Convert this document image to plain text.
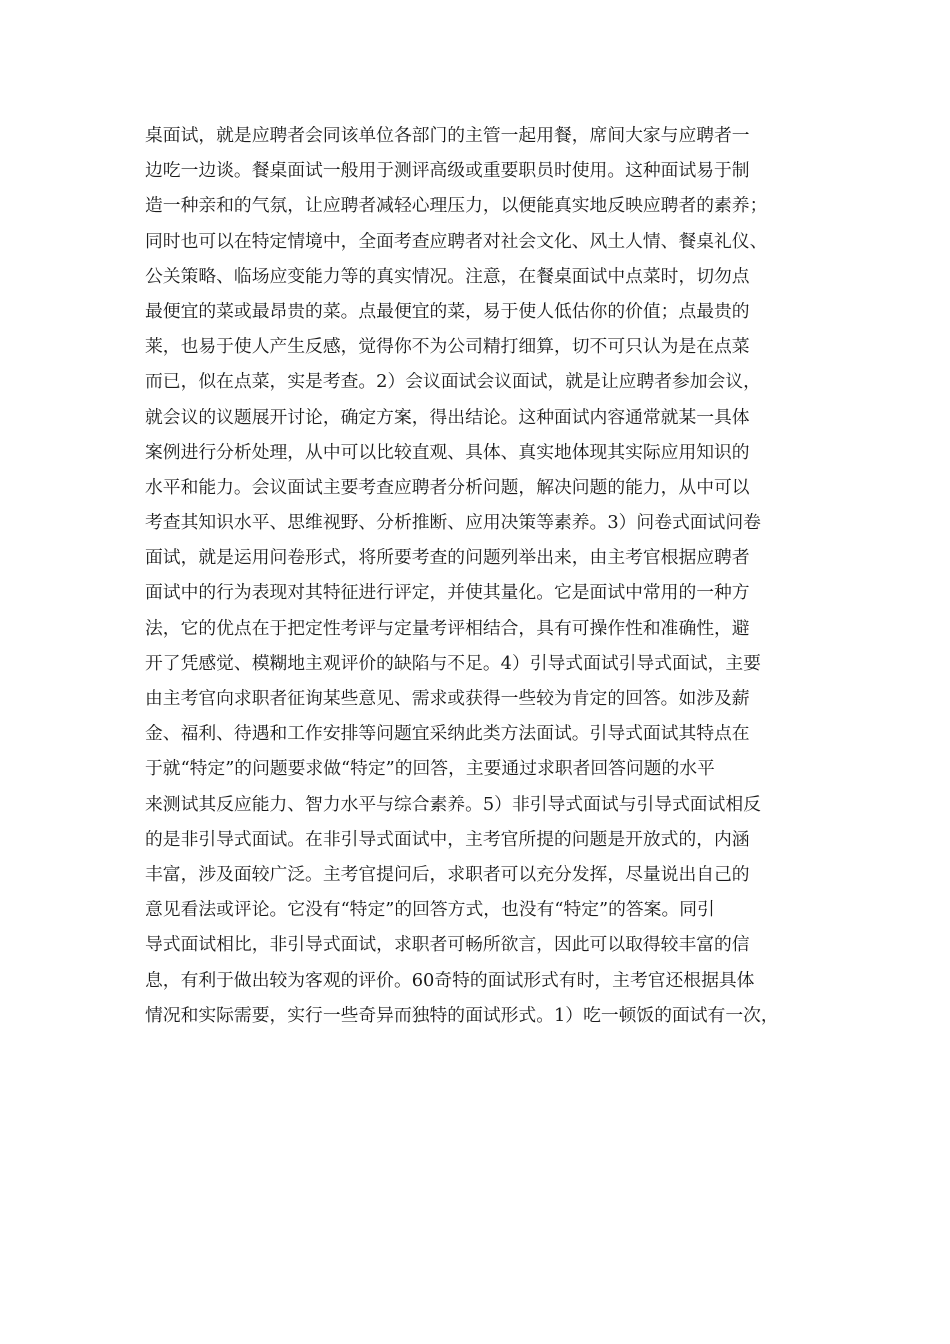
桌面试，就是应聘者会同该单位各部门的主管一起用餐，席间大家与应聘者一
边吃一边谈。餐桌面试一般用于测评高级或重要职员时使用。这种面试易于制
造一种亲和的气氛，让应聘者减轻心理压力，以便能真实地反映应聘者的素养；
同时也可以在特定情境中，全面考查应聘者对社会文化、风土人情、餐桌礼仪、
公关策略、临场应变能力等的真实情况。注意，在餐桌面试中点菜时，切勿点
最便宜的菜或最昂贵的菜。点最便宜的菜，易于使人低估你的价值；点最贵的
莱，也易于使人产生反感，觉得你不为公司精打细算，切不可只认为是在点菜
而已，似在点菜，实是考查。2）会议面试会议面试，就是让应聘者参加会议，
就会议的议题展开讨论，确定方案，得出结论。这种面试内容通常就某一具体
案例进行分析处理，从中可以比较直观、具体、真实地体现其实际应用知识的
水平和能力。会议面试主要考查应聘者分析问题，解决问题的能力，从中可以
考查其知识水平、思维视野、分析推断、应用决策等素养。3）问卷式面试问卷
面试，就是运用问卷形式，将所要考查的问题列举出来，由主考官根据应聘者
面试中的行为表现对其特征进行评定，并使其量化。它是面试中常用的一种方
法，它的优点在于把定性考评与定量考评相结合，具有可操作性和准确性，避
开了凭感觉、模糊地主观评价的缺陷与不足。4）引导式面试引导式面试，主要
由主考官向求职者征询某些意见、需求或获得一些较为肯定的回答。如涉及薪
金、福利、待遇和工作安排等问题宜采纳此类方法面试。引导式面试其特点在
于就“特定”的问题要求做“特定”的回答，主要通过求职者回答问题的水平
来测试其反应能力、智力水平与综合素养。5）非引导式面试与引导式面试相反
的是非引导式面试。在非引导式面试中，主考官所提的问题是开放式的，内涵
丰富，涉及面较广泛。主考官提问后，求职者可以充分发挥，尽量说出自己的
意见看法或评论。它没有“特定”的回答方式，也没有“特定”的答案。同引
导式面试相比，非引导式面试，求职者可畅所欲言，因此可以取得较丰富的信
息，有利于做出较为客观的评价。60奇特的面试形式有时，主考官还根据具体
情况和实际需要，实行一些奇异而独特的面试形式。1）吃一顿饭的面试有一次，
